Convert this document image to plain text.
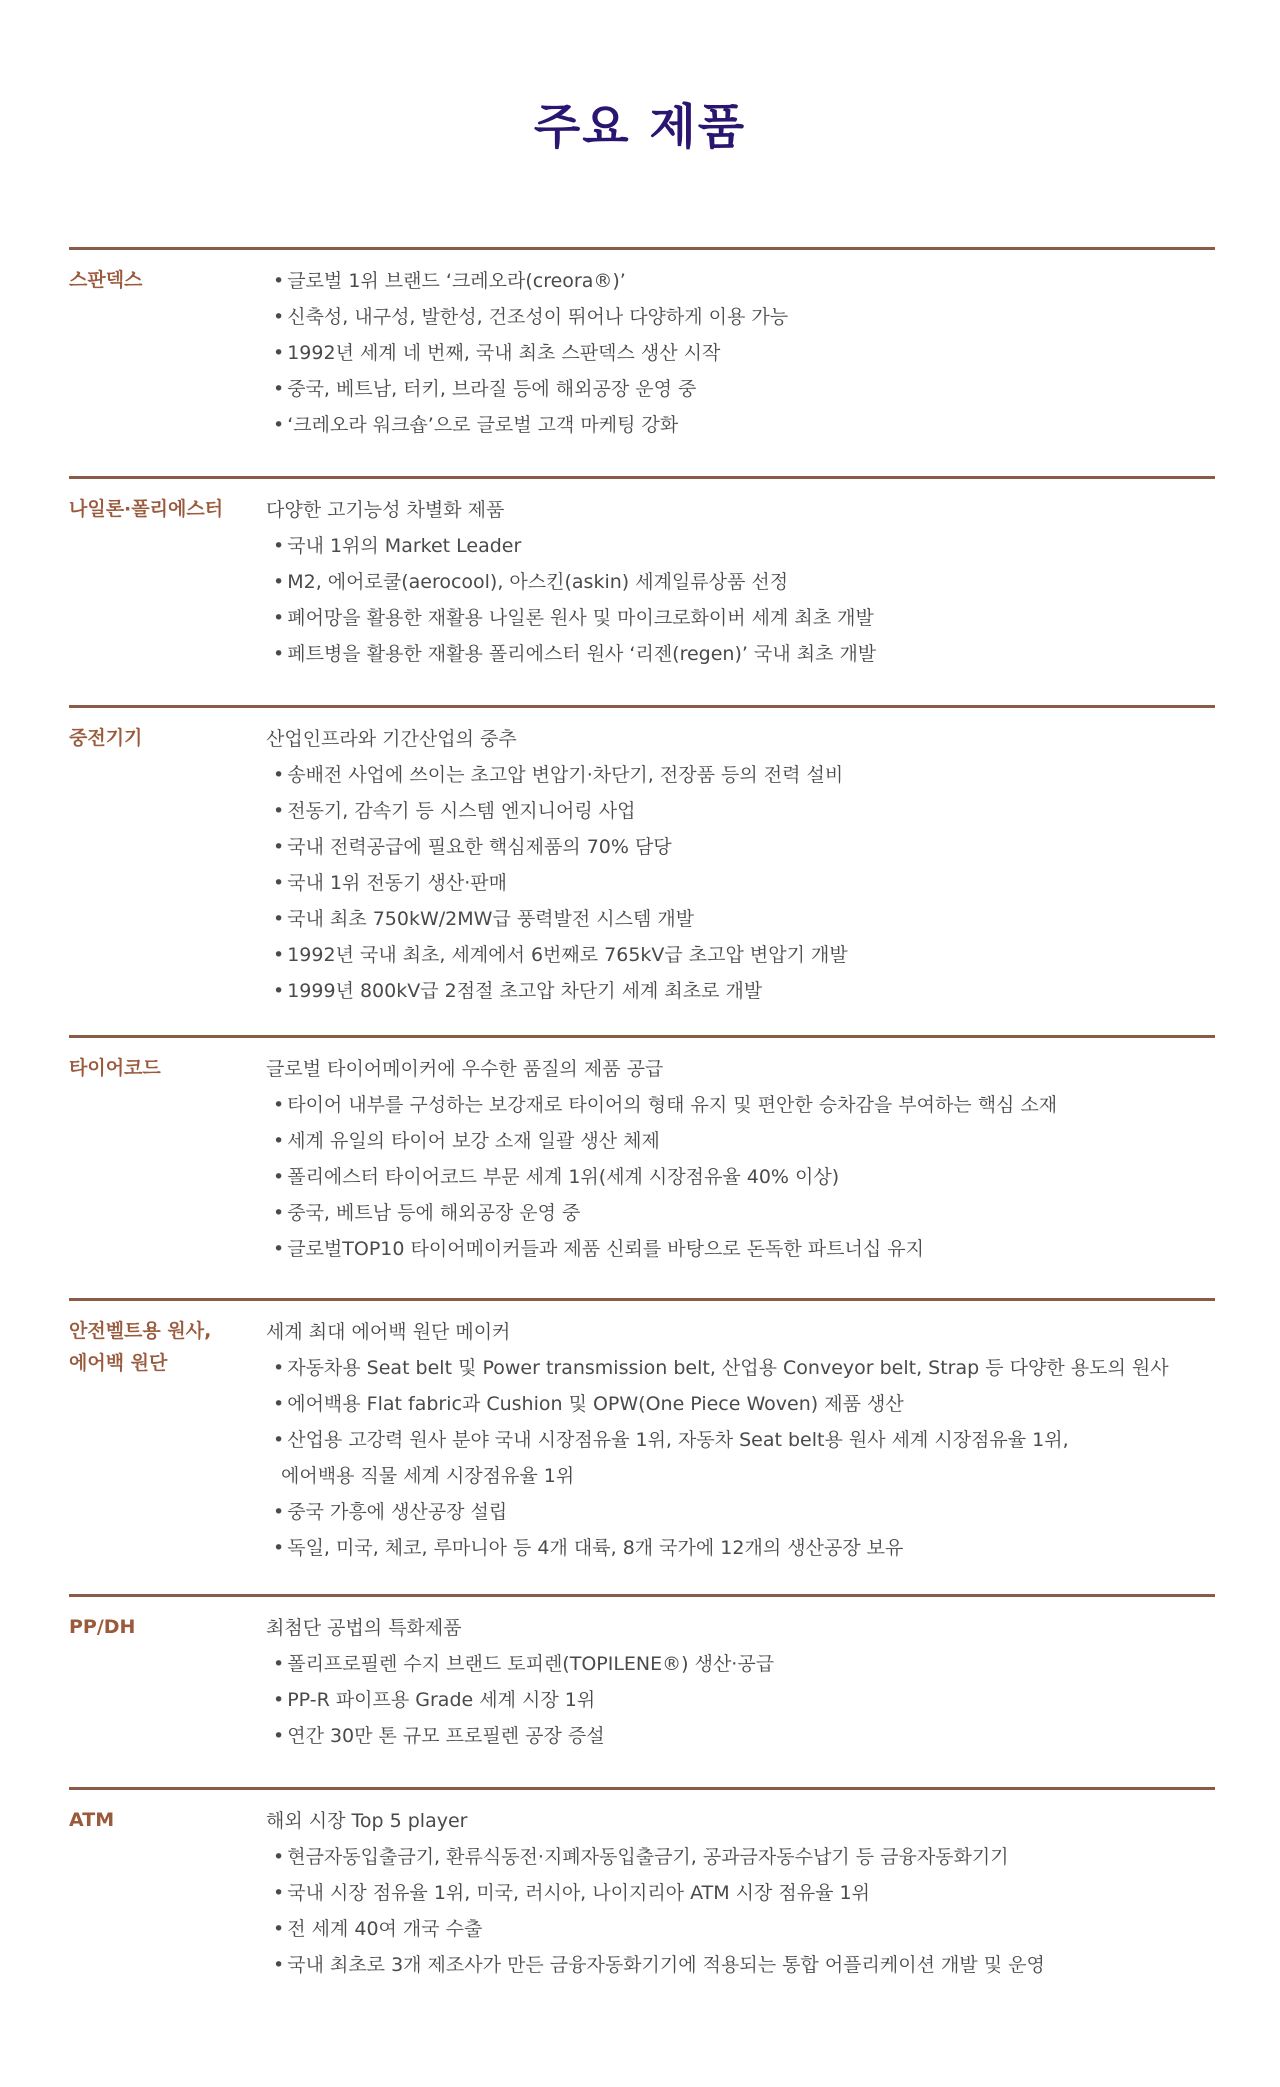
주요 제품
스판덱스
•	글로벌 1위 브랜드 ‘크레오라(creora®)’
• 신축성, 내구성, 발한성, 건조성이 뛰어나 다양하게 이용 가능
• 1992년 세계 네 번째, 국내 최초 스판덱스 생산 시작
• 중국, 베트남, 터키, 브라질 등에 해외공장 운영 중
• ‘크레오라 워크숍’으로 글로벌 고객 마케팅 강화
나일론·폴리에스터	다양한 고기능성 차별화 제품
• 국내 1위의 Market Leader
• M2, 에어로쿨(aerocool), 아스킨(askin) 세계일류상품 선정
• 폐어망을 활용한 재활용 나일론 원사 및 마이크로화이버 세계 최초 개발
• 페트병을 활용한 재활용 폴리에스터 원사 ‘리젠(regen)’ 국내 최초 개발
중전기기	산업인프라와 기간산업의 중추
• 송배전 사업에 쓰이는 초고압 변압기·차단기, 전장품 등의 전력 설비
• 전동기, 감속기 등 시스템 엔지니어링 사업
• 국내 전력공급에 필요한 핵심제품의 70% 담당
• 국내 1위 전동기 생산·판매
• 국내 최초 750kW/2MW급 풍력발전 시스템 개발
• 1992년 국내 최초, 세계에서 6번째로 765kV급 초고압 변압기 개발
• 1999년 800kV급 2점절 초고압 차단기 세계 최초로 개발
타이어코드	글로벌 타이어메이커에 우수한 품질의 제품 공급
• 타이어 내부를 구성하는 보강재로 타이어의 형태 유지 및 편안한 승차감을 부여하는 핵심 소재
• 세계 유일의 타이어 보강 소재 일괄 생산 체제
• 폴리에스터 타이어코드 부문 세계 1위(세계 시장점유율 40% 이상)
• 중국, 베트남 등에 해외공장 운영 중
• 글로벌TOP10 타이어메이커들과 제품 신뢰를 바탕으로 돈독한 파트너십 유지
안전벨트용 원사,
에어백 원단
세계 최대 에어백 원단 메이커
• 자동차용 Seat belt 및 Power transmission belt, 산업용 Conveyor belt, Strap 등 다양한 용도의 원사
• 에어백용 Flat fabric과 Cushion 및 OPW(One Piece Woven) 제품 생산
• 산업용 고강력 원사 분야 국내 시장점유율 1위, 자동차 Seat belt용 원사 세계 시장점유율 1위,
에어백용 직물 세계 시장점유율 1위
• 중국 가흥에 생산공장 설립
• 독일, 미국, 체코, 루마니아 등 4개 대륙, 8개 국가에 12개의 생산공장 보유
PP/DH	최첨단 공법의 특화제품
• 폴리프로필렌 수지 브랜드 토피렌(TOPILENE®) 생산·공급
• PP-R 파이프용 Grade 세계 시장 1위
• 연간 30만 톤 규모 프로필렌 공장 증설
ATM	해외 시장 Top 5 player
• 현금자동입출금기, 환류식동전·지폐자동입출금기, 공과금자동수납기 등 금융자동화기기
• 국내 시장 점유율 1위, 미국, 러시아, 나이지리아 ATM 시장 점유율 1위
• 전 세계 40여 개국 수출
• 국내 최초로 3개 제조사가 만든 금융자동화기기에 적용되는 통합 어플리케이션 개발 및 운영
